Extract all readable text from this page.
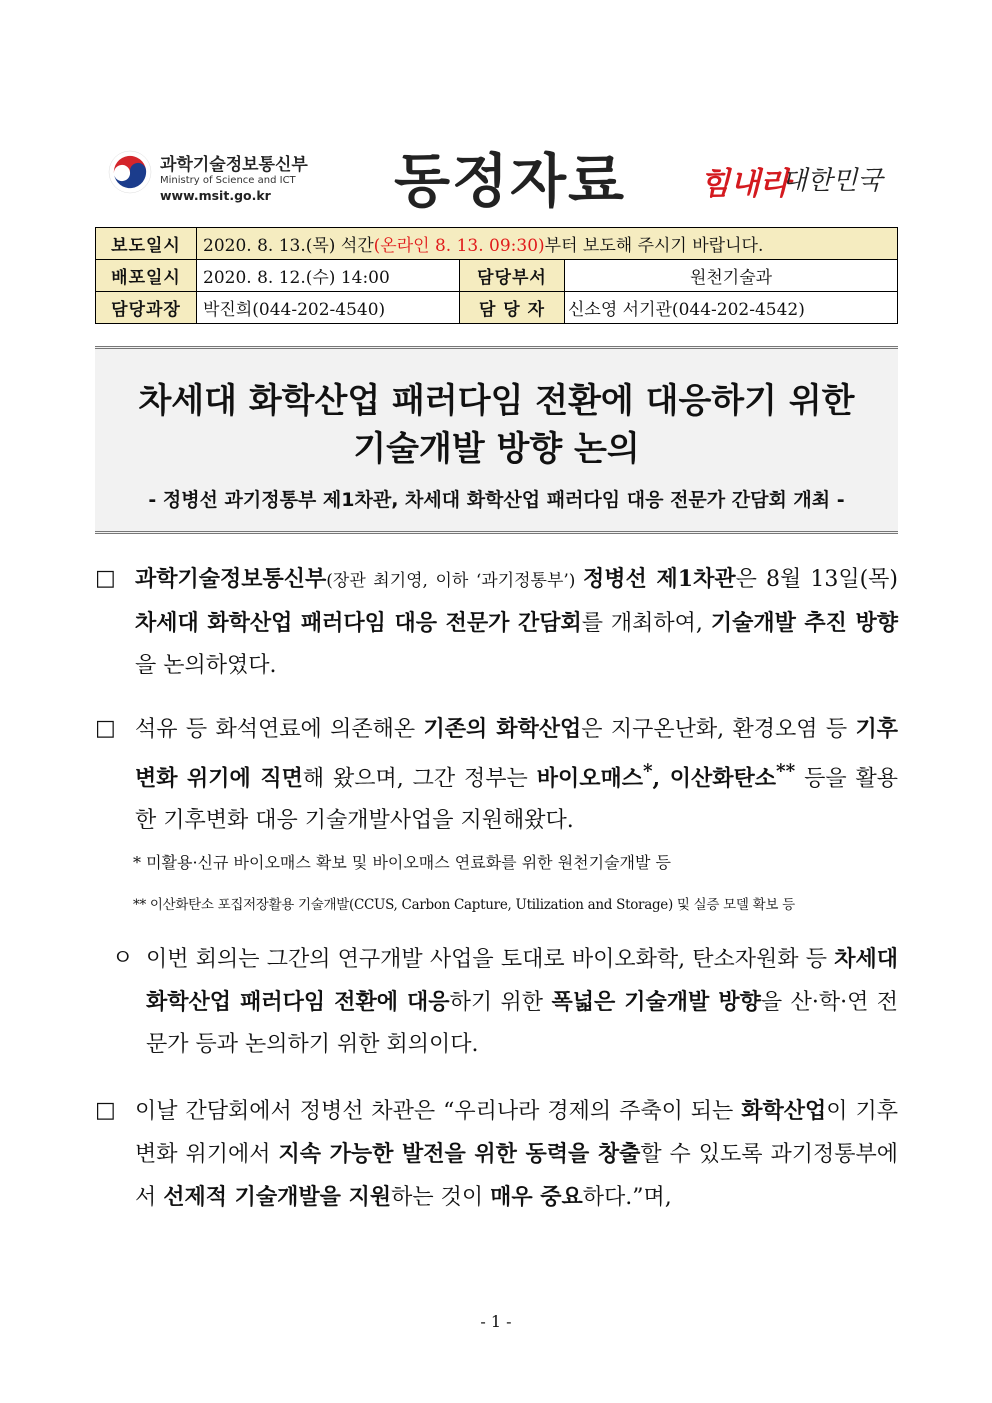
과학기술정보통신부
Ministry of Science and ICT
www.msit.go.kr 동정자료	힘내라
대한민국
보도일시	2020. 8. 13.(목) 석간(온라인 8. 13. 09:30)부터 보도해 주시기 바랍니다.		
배포일시	2020. 8. 12.(수) 14:00	담당부서	원천기술과
담당과장	박진희(044-202-4540)	담 당 자	신소영 서기관(044-202-4542)
차세대 화학산업 패러다임 전환에 대응하기 위한
기술개발 방향 논의
- 정병선 과기정통부 제1차관, 차세대 화학산업 패러다임 대응 전문가 간담회 개최 -
□ 과학기술정보통신부(장관 최기영, 이하 ‘과기정통부’) 정병선 제1차관은 8월 13일(목) 차세대 화학산업 패러다임 대응 전문가 간담회를 개최하여, 기술개발 추진 방향을 논의하였다.
□ 석유 등 화석연료에 의존해온 기존의 화학산업은 지구온난화, 환경오염 등 기후변화 위기에 직면해 왔으며, 그간 정부는 바이오매스*, 이산화탄소** 등을 활용한 기후변화 대응 기술개발사업을 지원해왔다.
* 미활용·신규 바이오매스 확보 및 바이오매스 연료화를 위한 원천기술개발 등
** 이산화탄소 포집저장활용 기술개발(CCUS, Carbon Capture, Utilization and Storage) 및 실증 모델 확보 등
ㅇ 이번 회의는 그간의 연구개발 사업을 토대로 바이오화학, 탄소자원화 등 차세대 화학산업 패러다임 전환에 대응하기 위한 폭넓은 기술개발 방향을 산·학·연 전문가 등과 논의하기 위한 회의이다.
□ 이날 간담회에서 정병선 차관은 “우리나라 경제의 주축이 되는 화학산업이 기후변화 위기에서 지속 가능한 발전을 위한 동력을 창출할 수 있도록 과기정통부에서 선제적 기술개발을 지원하는 것이 매우 중요하다.”며,
- 1 -
